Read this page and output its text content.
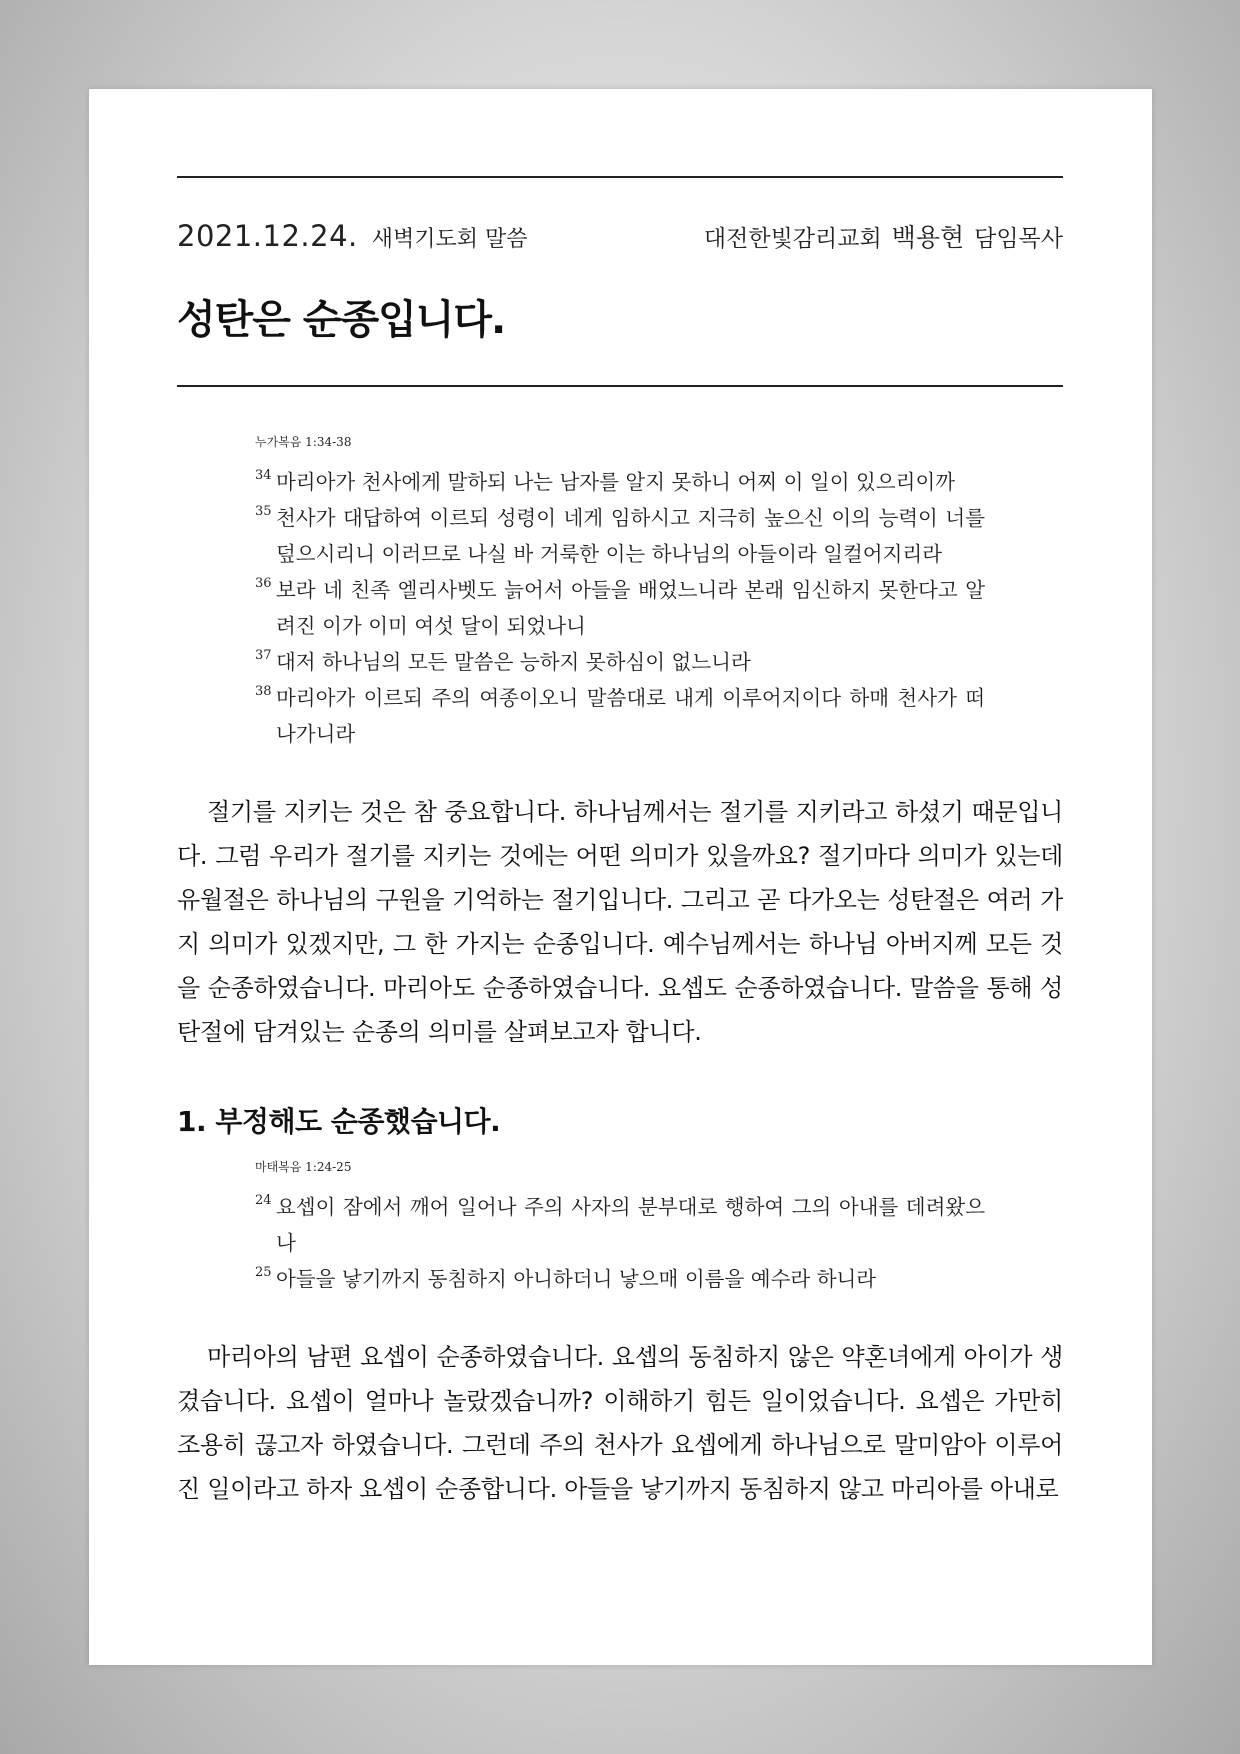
2021.12.24. 새벽기도회 말씀	대전한빛감리교회 백용현 담임목사
성탄은 순종입니다.
누가복음 1:34-38
34 마리아가 천사에게 말하되 나는 남자를 알지 못하니 어찌 이 일이 있으리이까
35 천사가 대답하여 이르되 성령이 네게 임하시고 지극히 높으신 이의 능력이 너를 덮으시리니 이러므로 나실 바 거룩한 이는 하나님의 아들이라 일컬어지리라
36 보라 네 친족 엘리사벳도 늙어서 아들을 배었느니라 본래 임신하지 못한다고 알려진 이가 이미 여섯 달이 되었나니
37 대저 하나님의 모든 말씀은 능하지 못하심이 없느니라
38 마리아가 이르되 주의 여종이오니 말씀대로 내게 이루어지이다 하매 천사가 떠나가니라

절기를 지키는 것은 참 중요합니다. 하나님께서는 절기를 지키라고 하셨기 때문입니다. 그럼 우리가 절기를 지키는 것에는 어떤 의미가 있을까요? 절기마다 의미가 있는데 유월절은 하나님의 구원을 기억하는 절기입니다. 그리고 곧 다가오는 성탄절은 여러 가지 의미가 있겠지만, 그 한 가지는 순종입니다. 예수님께서는 하나님 아버지께 모든 것을 순종하였습니다. 마리아도 순종하였습니다. 요셉도 순종하였습니다. 말씀을 통해 성탄절에 담겨있는 순종의 의미를 살펴보고자 합니다.

1. 부정해도 순종했습니다.
마태복음 1:24-25
24 요셉이 잠에서 깨어 일어나 주의 사자의 분부대로 행하여 그의 아내를 데려왔으나
25 아들을 낳기까지 동침하지 아니하더니 낳으매 이름을 예수라 하니라

마리아의 남편 요셉이 순종하였습니다. 요셉의 동침하지 않은 약혼녀에게 아이가 생겼습니다. 요셉이 얼마나 놀랐겠습니까? 이해하기 힘든 일이었습니다. 요셉은 가만히 조용히 끊고자 하였습니다. 그런데 주의 천사가 요셉에게 하나님으로 말미암아 이루어진 일이라고 하자 요셉이 순종합니다. 아들을 낳기까지 동침하지 않고 마리아를 아내로
